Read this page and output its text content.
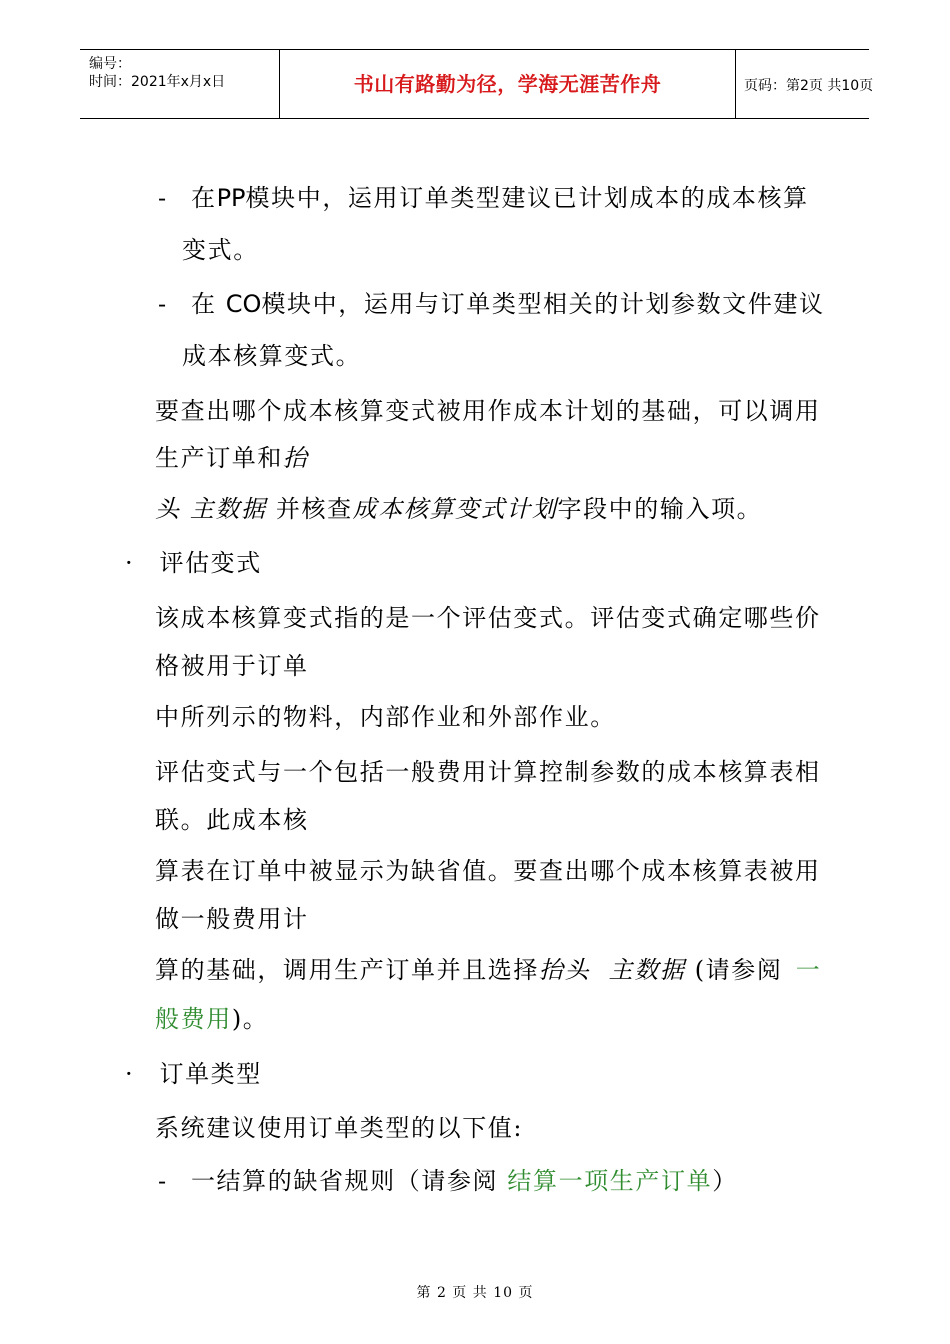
编号：
时间：2021年x月x日	书山有路勤为径，学海无涯苦作舟	页码：第2页 共10页
- 在PP模块中，运用订单类型建议已计划成本的成本核算
变式。
- 在 CO模块中，运用与订单类型相关的计划参数文件建议
成本核算变式。
要查出哪个成本核算变式被用作成本计划的基础，可以调用
生产订单和抬
头 主数据 并核查成本核算变式计划字段中的输入项。
· 评估变式
该成本核算变式指的是一个评估变式。评估变式确定哪些价
格被用于订单
中所列示的物料，内部作业和外部作业。
评估变式与一个包括一般费用计算控制参数的成本核算表相
联。此成本核
算表在订单中被显示为缺省值。要查出哪个成本核算表被用
做一般费用计
算的基础，调用生产订单并且选择抬头  主数据 (请参阅 一
般费用)。
· 订单类型
系统建议使用订单类型的以下值:
- 一结算的缺省规则（请参阅 结算一项生产订单）
第 2 页 共 10 页
